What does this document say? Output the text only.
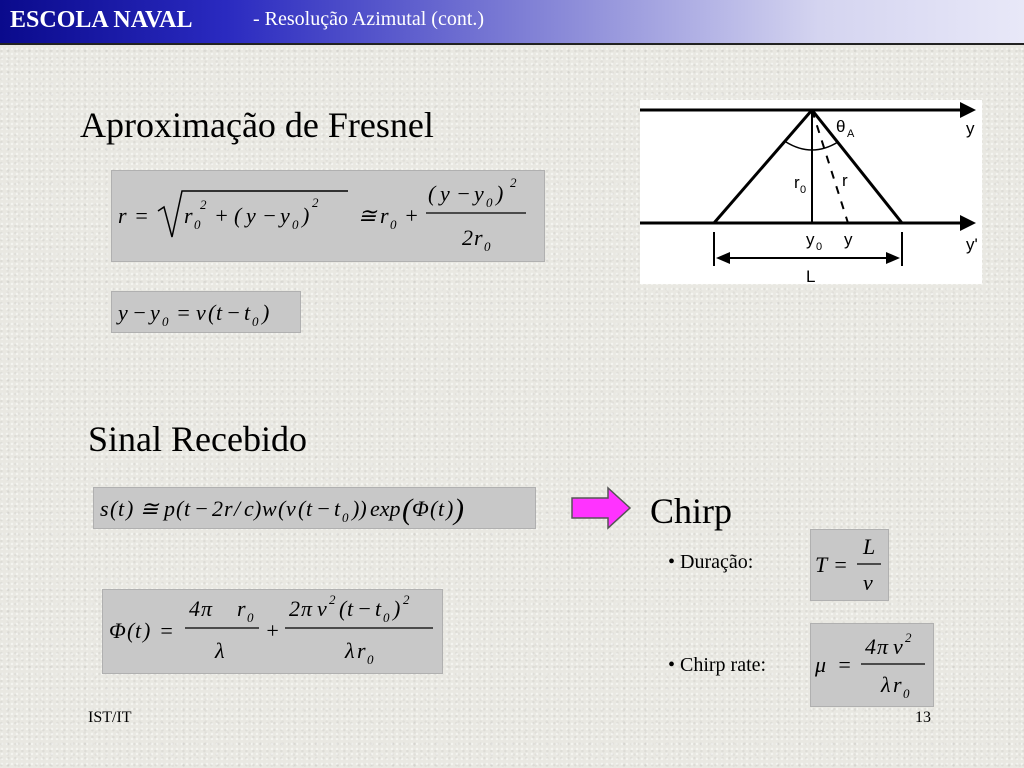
ESCOLA NAVAL	- Resolução Azimutal (cont.)
Aproximação de Fresnel
r = r 0
2 + ( y − y 0 )
2
≅ r 0 +
( y − y 0 ) 2
2 r 0
y − y 0 = v ( t − t 0 )
θ A
r
r 0
y 0 y
y
y'
L
Sinal Recebido
s ( t ) ≅ p ( t − 2 r / c ) w ( v ( t − t 0 )) exp ( Φ ( t ) )	Chirp
• Duração:
• Chirp rate:
T =
L
v
μ =
4 π v 2
λ r 0
Φ ( t ) =
4 π r 0
λ
+
2 π v 2 ( t − t 0 ) 2
λ r 0
IST/IT	13
